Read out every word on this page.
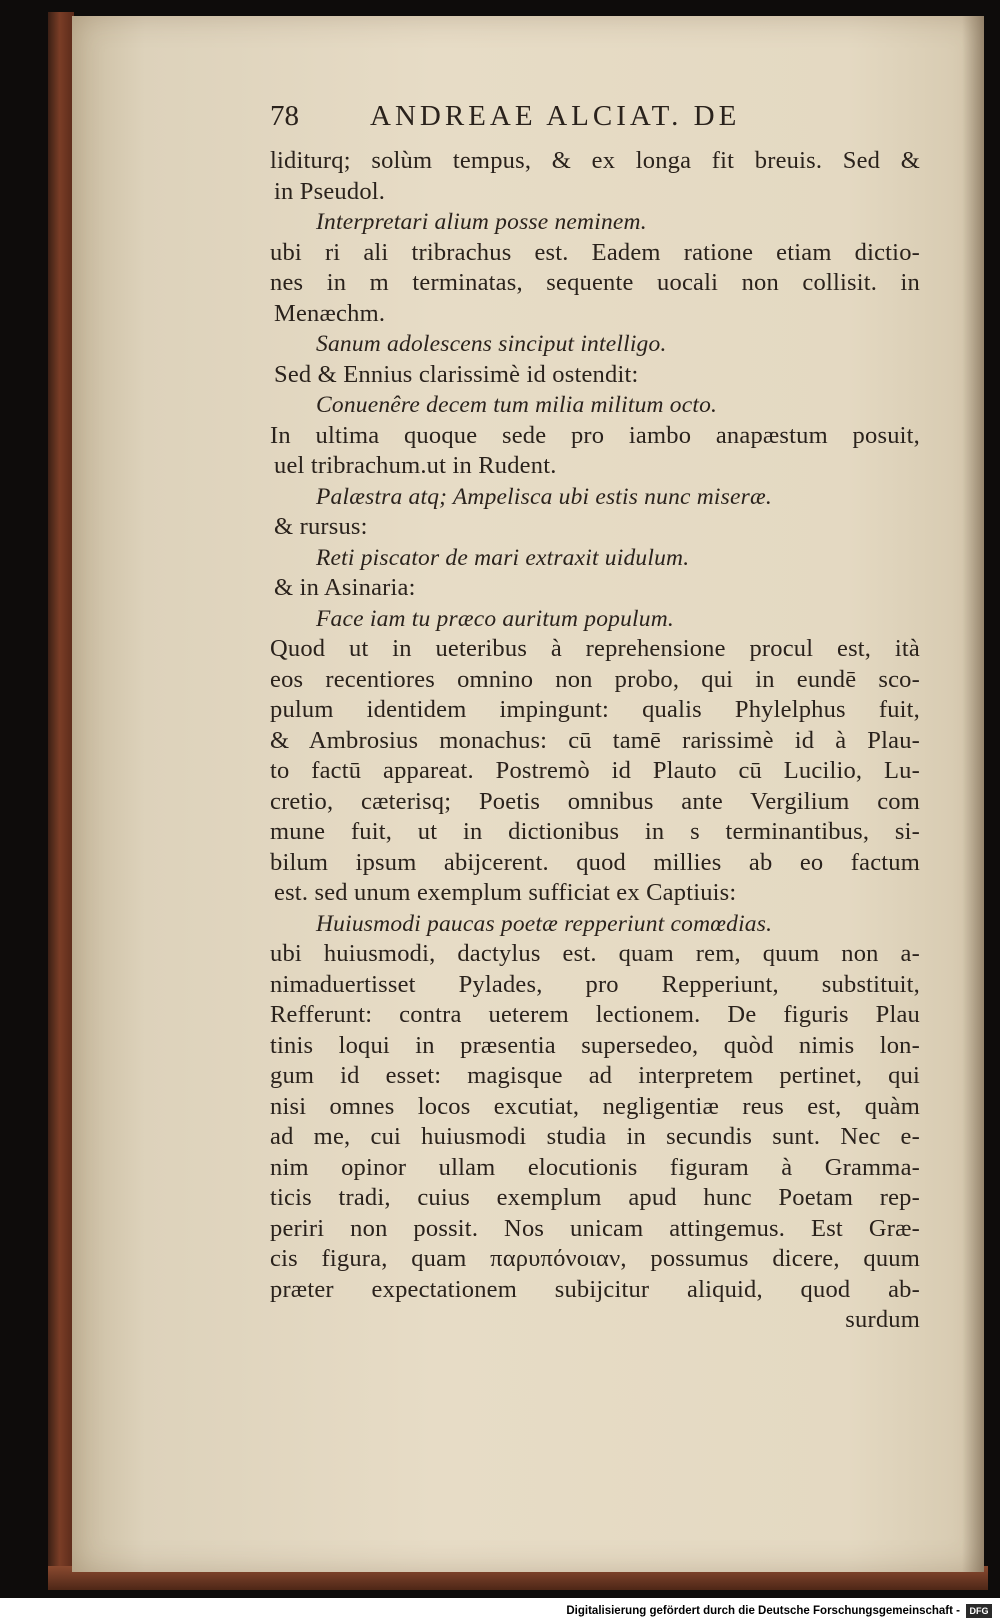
78	ANDREAE ALCIAT. DE
liditurq; solùm tempus, & ex longa fit breuis. Sed &
in Pseudol.
Interpretari alium posse neminem.
ubi ri ali tribrachus est. Eadem ratione etiam dictio-
nes in m terminatas, sequente uocali non collisit. in
Menæchm.
Sanum adolescens sinciput intelligo.
Sed & Ennius clarissimè id ostendit:
Conuenêre decem tum milia militum octo.
In ultima quoque sede pro iambo anapæstum posuit,
uel tribrachum.ut in Rudent.
Palæstra atq; Ampelisca ubi estis nunc miseræ.
& rursus:
Reti piscator de mari extraxit uidulum.
& in Asinaria:
Face iam tu præco auritum populum.
Quod ut in ueteribus à reprehensione procul est, ità
eos recentiores omnino non probo, qui in eundē sco-
pulum identidem impingunt: qualis Phylelphus fuit,
& Ambrosius monachus: cū tamē rarissimè id à Plau-
to factū appareat. Postremò id Plauto cū Lucilio, Lu-
cretio, cæterisq; Poetis omnibus ante Vergilium com
mune fuit, ut in dictionibus in s terminantibus, si-
bilum ipsum abijcerent. quod millies ab eo factum
est. sed unum exemplum sufficiat ex Captiuis:
Huiusmodi paucas poetæ repperiunt comœdias.
ubi huiusmodi, dactylus est. quam rem, quum non a-
nimaduertisset Pylades, pro Repperiunt, substituit,
Refferunt: contra ueterem lectionem. De figuris Plau
tinis loqui in præsentia supersedeo, quòd nimis lon-
gum id esset: magisque ad interpretem pertinet, qui
nisi omnes locos excutiat, negligentiæ reus est, quàm
ad me, cui huiusmodi studia in secundis sunt. Nec e-
nim opinor ullam elocutionis figuram à Gramma-
ticis tradi, cuius exemplum apud hunc Poetam rep-
periri non possit. Nos unicam attingemus. Est Græ-
cis figura, quam παρυπόνοιαν, possumus dicere, quum
præter expectationem subijcitur aliquid, quod ab-
surdum
Digitalisierung gefördert durch die Deutsche Forschungsgemeinschaft -	DFG
